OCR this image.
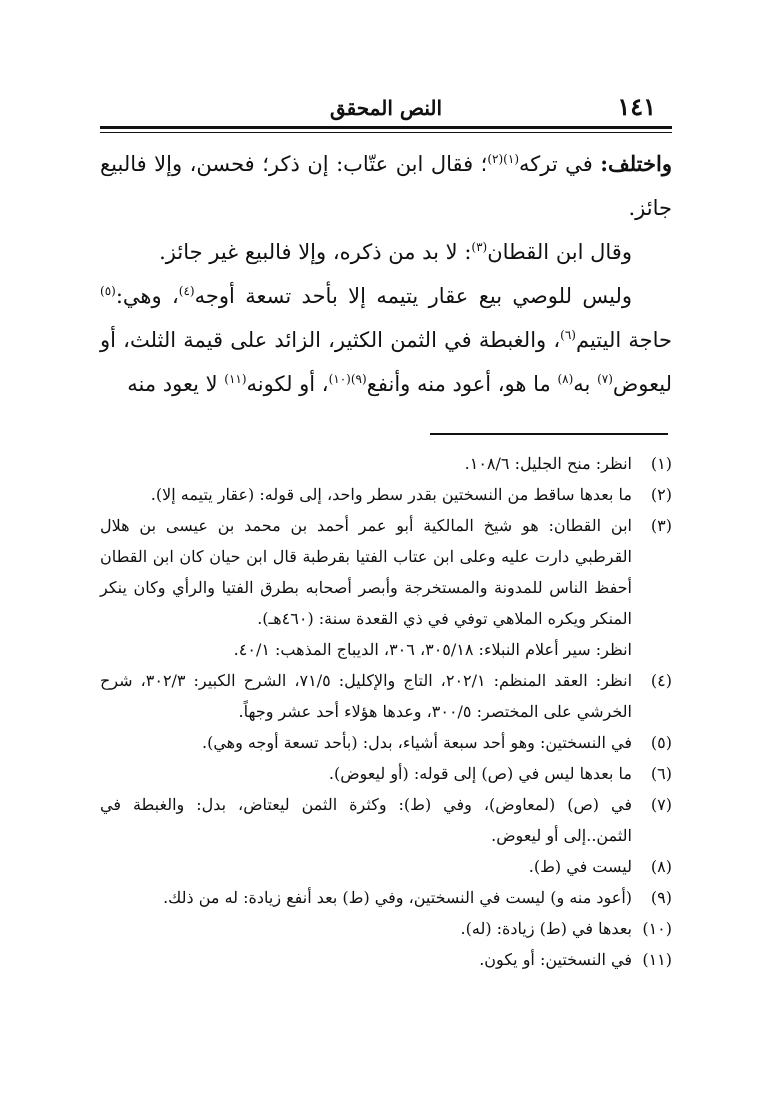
١٤١
النص المحقق

واختلف: في تركه$^{(١)(٢)}$؛ فقال ابن عتّاب: إن ذكر؛ فحسن، وإلا فالبيع جائز.

وقال ابن القطان$^{(٣)}$: لا بد من ذكره، وإلا فالبيع غير جائز.

وليس للوصي بيع عقار يتيمه إلا بأحد تسعة أوجه$^{(٤)}$، وهي:$^{(٥)}$ حاجة اليتيم$^{(٦)}$، والغبطة في الثمن الكثير، الزائد على قيمة الثلث، أو ليعوض$^{(٧)}$ به$^{(٨)}$ ما هو، أعود منه وأنفع$^{(٩)(١٠)}$، أو لكونه$^{(١١)}$ لا يعود منه

(١)
انظر: منح الجليل: ١٠٨/٦.
(٢)
ما بعدها ساقط من النسختين بقدر سطر واحد، إلى قوله: (عقار يتيمه إلا).
(٣)
ابن القطان: هو شيخ المالكية أبو عمر أحمد بن محمد بن عيسى بن هلال القرطبي دارت عليه وعلى ابن عتاب الفتيا بقرطبة قال ابن حيان كان ابن القطان أحفظ الناس للمدونة والمستخرجة وأبصر أصحابه بطرق الفتيا والرأي وكان ينكر المنكر ويكره الملاهي توفي في ذي القعدة سنة: (٤٦٠هـ).
انظر: سير أعلام النبلاء: ٣٠٥/١٨، ٣٠٦، الديباج المذهب: ٤٠/١.
(٤)
انظر: العقد المنظم: ٢٠٢/١، التاج والإكليل: ٧١/٥، الشرح الكبير: ٣٠٢/٣، شرح الخرشي على المختصر: ٣٠٠/٥، وعدها هؤلاء أحد عشر وجهاً.
(٥)
في النسختين: وهو أحد سبعة أشياء، بدل: (بأحد تسعة أوجه وهي).
(٦)
ما بعدها ليس في (ص) إلى قوله: (أو ليعوض).
(٧)
في (ص) (لمعاوض)، وفي (ط): وكثرة الثمن ليعتاض، بدل: والغبطة في الثمن..إلى أو ليعوض.
(٨)
ليست في (ط).
(٩)
(أعود منه و) ليست في النسختين، وفي (ط) بعد أنفع زيادة: له من ذلك.
(١٠)
بعدها في (ط) زيادة: (له).
(١١)
في النسختين: أو يكون.
